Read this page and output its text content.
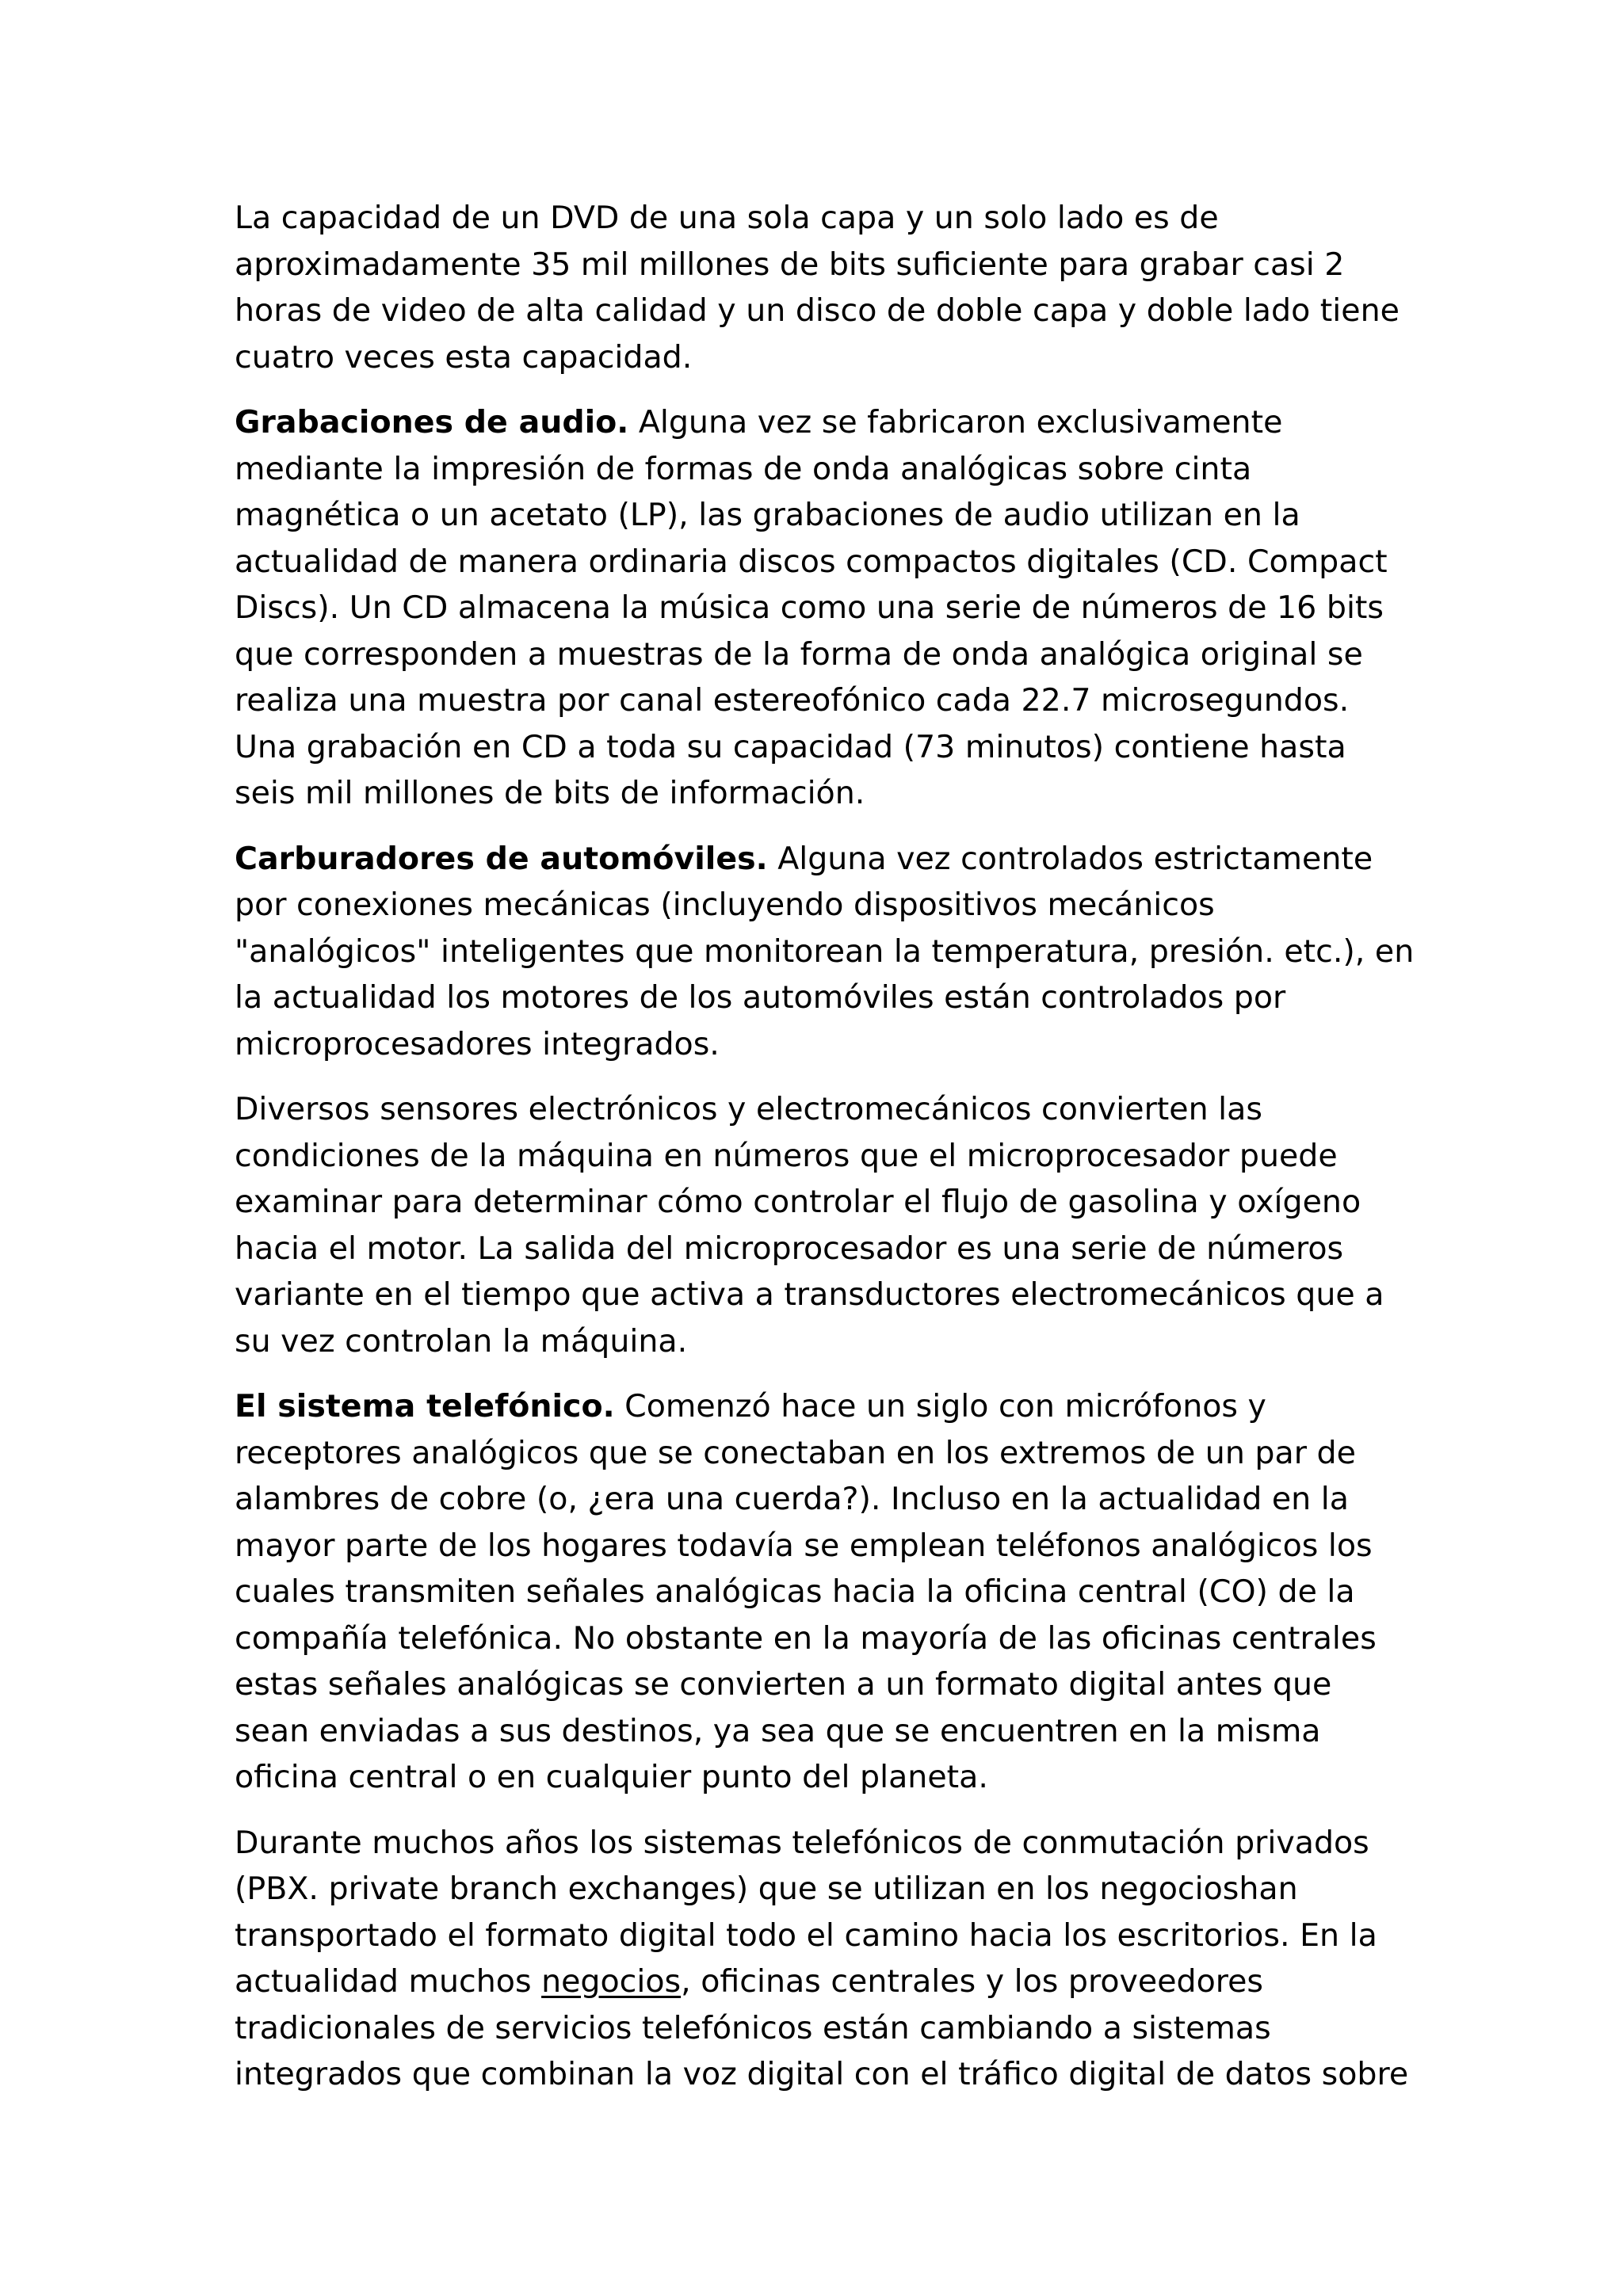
La capacidad de un DVD de una sola capa y un solo lado es de aproximadamente 35 mil millones de bits suficiente para grabar casi 2 horas de video de alta calidad y un disco de doble capa y doble lado tiene cuatro veces esta capacidad.

Grabaciones de audio. Alguna vez se fabricaron exclusivamente mediante la impresión de formas de onda analógicas sobre cinta magnética o un acetato (LP), las grabaciones de audio utilizan en la actualidad de manera ordinaria discos compactos digitales (CD. Compact Discs). Un CD almacena la música como una serie de números de 16 bits que corresponden a muestras de la forma de onda analógica original se realiza una muestra por canal estereofónico cada 22.7 microsegundos. Una grabación en CD a toda su capacidad (73 minutos) contiene hasta seis mil millones de bits de información.

Carburadores de automóviles. Alguna vez controlados estrictamente por conexiones mecánicas (incluyendo dispositivos mecánicos "analógicos" inteligentes que monitorean la temperatura, presión. etc.), en la actualidad los motores de los automóviles están controlados por microprocesadores integrados.

Diversos sensores electrónicos y electromecánicos convierten las condiciones de la máquina en números que el microprocesador puede examinar para determinar cómo controlar el flujo de gasolina y oxígeno hacia el motor. La salida del microprocesador es una serie de números variante en el tiempo que activa a transductores electromecánicos que a su vez controlan la máquina.

El sistema telefónico. Comenzó hace un siglo con micrófonos y receptores analógicos que se conectaban en los extremos de un par de alambres de cobre (o, ¿era una cuerda?). Incluso en la actualidad en la mayor parte de los hogares todavía se emplean teléfonos analógicos los cuales transmiten señales analógicas hacia la oficina central (CO) de la compañía telefónica. No obstante en la mayoría de las oficinas centrales estas señales analógicas se convierten a un formato digital antes que sean enviadas a sus destinos, ya sea que se encuentren en la misma oficina central o en cualquier punto del planeta.

Durante muchos años los sistemas telefónicos de conmutación privados (PBX. private branch exchanges) que se utilizan en los negocioshan transportado el formato digital todo el camino hacia los escritorios. En la actualidad muchos negocios, oficinas centrales y los proveedores tradicionales de servicios telefónicos están cambiando a sistemas integrados que combinan la voz digital con el tráfico digital de datos sobre
